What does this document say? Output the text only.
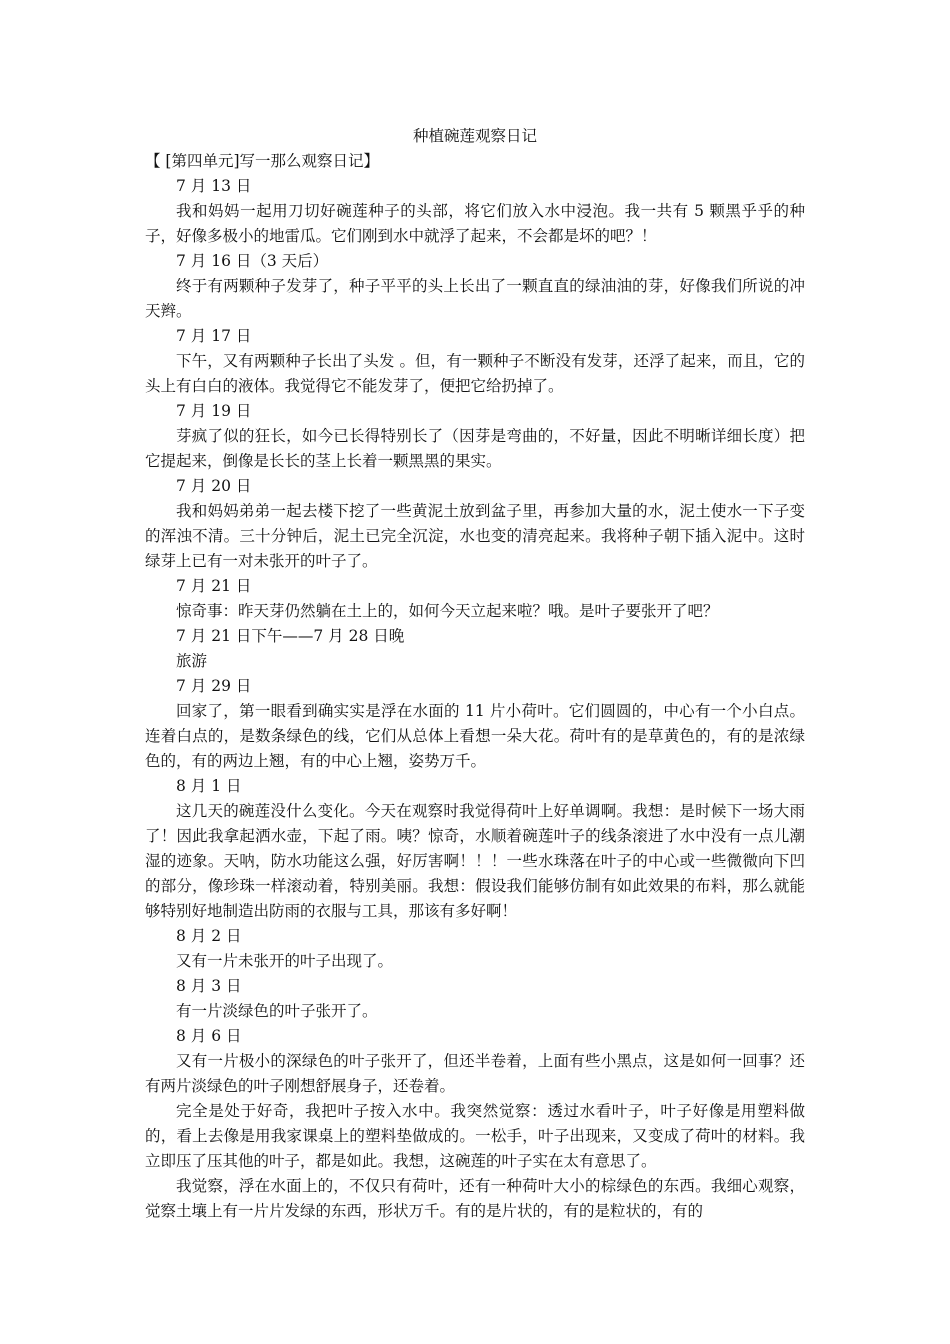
种植碗莲观察日记

【 [第四单元]写一那么观察日记】

7 月 13 日

我和妈妈一起用刀切好碗莲种子的头部，将它们放入水中浸泡。我一共有 5 颗黑乎乎的种子，好像多极小的地雷瓜。它们刚到水中就浮了起来，不会都是坏的吧？！

7 月 16 日（3 天后）

终于有两颗种子发芽了，种子平平的头上长出了一颗直直的绿油油的芽，好像我们所说的冲天辫。

7 月 17 日

下午，又有两颗种子长出了头发 。但，有一颗种子不断没有发芽，还浮了起来，而且，它的头上有白白的液体。我觉得它不能发芽了，便把它给扔掉了。

7 月 19 日

芽疯了似的狂长，如今已长得特别长了（因芽是弯曲的，不好量，因此不明晰详细长度）把它提起来，倒像是长长的茎上长着一颗黑黑的果实。

7 月 20 日

我和妈妈弟弟一起去楼下挖了一些黄泥土放到盆子里，再参加大量的水，泥土使水一下子变的浑浊不清。三十分钟后，泥土已完全沉淀，水也变的清亮起来。我将种子朝下插入泥中。这时绿芽上已有一对未张开的叶子了。

7 月 21 日

惊奇事：昨天芽仍然躺在土上的，如何今天立起来啦？哦。是叶子要张开了吧？

7 月 21 日下午——7 月 28 日晚

旅游

7 月 29 日

回家了，第一眼看到确实实是浮在水面的 11 片小荷叶。它们圆圆的，中心有一个小白点。连着白点的，是数条绿色的线，它们从总体上看想一朵大花。荷叶有的是草黄色的，有的是浓绿色的，有的两边上翘，有的中心上翘，姿势万千。

8 月 1 日

这几天的碗莲没什么变化。今天在观察时我觉得荷叶上好单调啊。我想：是时候下一场大雨了！因此我拿起洒水壶，下起了雨。咦？惊奇，水顺着碗莲叶子的线条滚进了水中没有一点儿潮湿的迹象。天呐，防水功能这么强，好厉害啊！！！一些水珠落在叶子的中心或一些微微向下凹的部分，像珍珠一样滚动着，特别美丽。我想：假设我们能够仿制有如此效果的布料，那么就能够特别好地制造出防雨的衣服与工具，那该有多好啊！

8 月 2 日

又有一片未张开的叶子出现了。

8 月 3 日

有一片淡绿色的叶子张开了。

8 月 6 日

又有一片极小的深绿色的叶子张开了，但还半卷着，上面有些小黑点，这是如何一回事？还有两片淡绿色的叶子刚想舒展身子，还卷着。

完全是处于好奇，我把叶子按入水中。我突然觉察：透过水看叶子，叶子好像是用塑料做的，看上去像是用我家课桌上的塑料垫做成的。一松手，叶子出现来，又变成了荷叶的材料。我立即压了压其他的叶子，都是如此。我想，这碗莲的叶子实在太有意思了。

我觉察，浮在水面上的，不仅只有荷叶，还有一种荷叶大小的棕绿色的东西。我细心观察，觉察土壤上有一片片发绿的东西，形状万千。有的是片状的，有的是粒状的，有的
